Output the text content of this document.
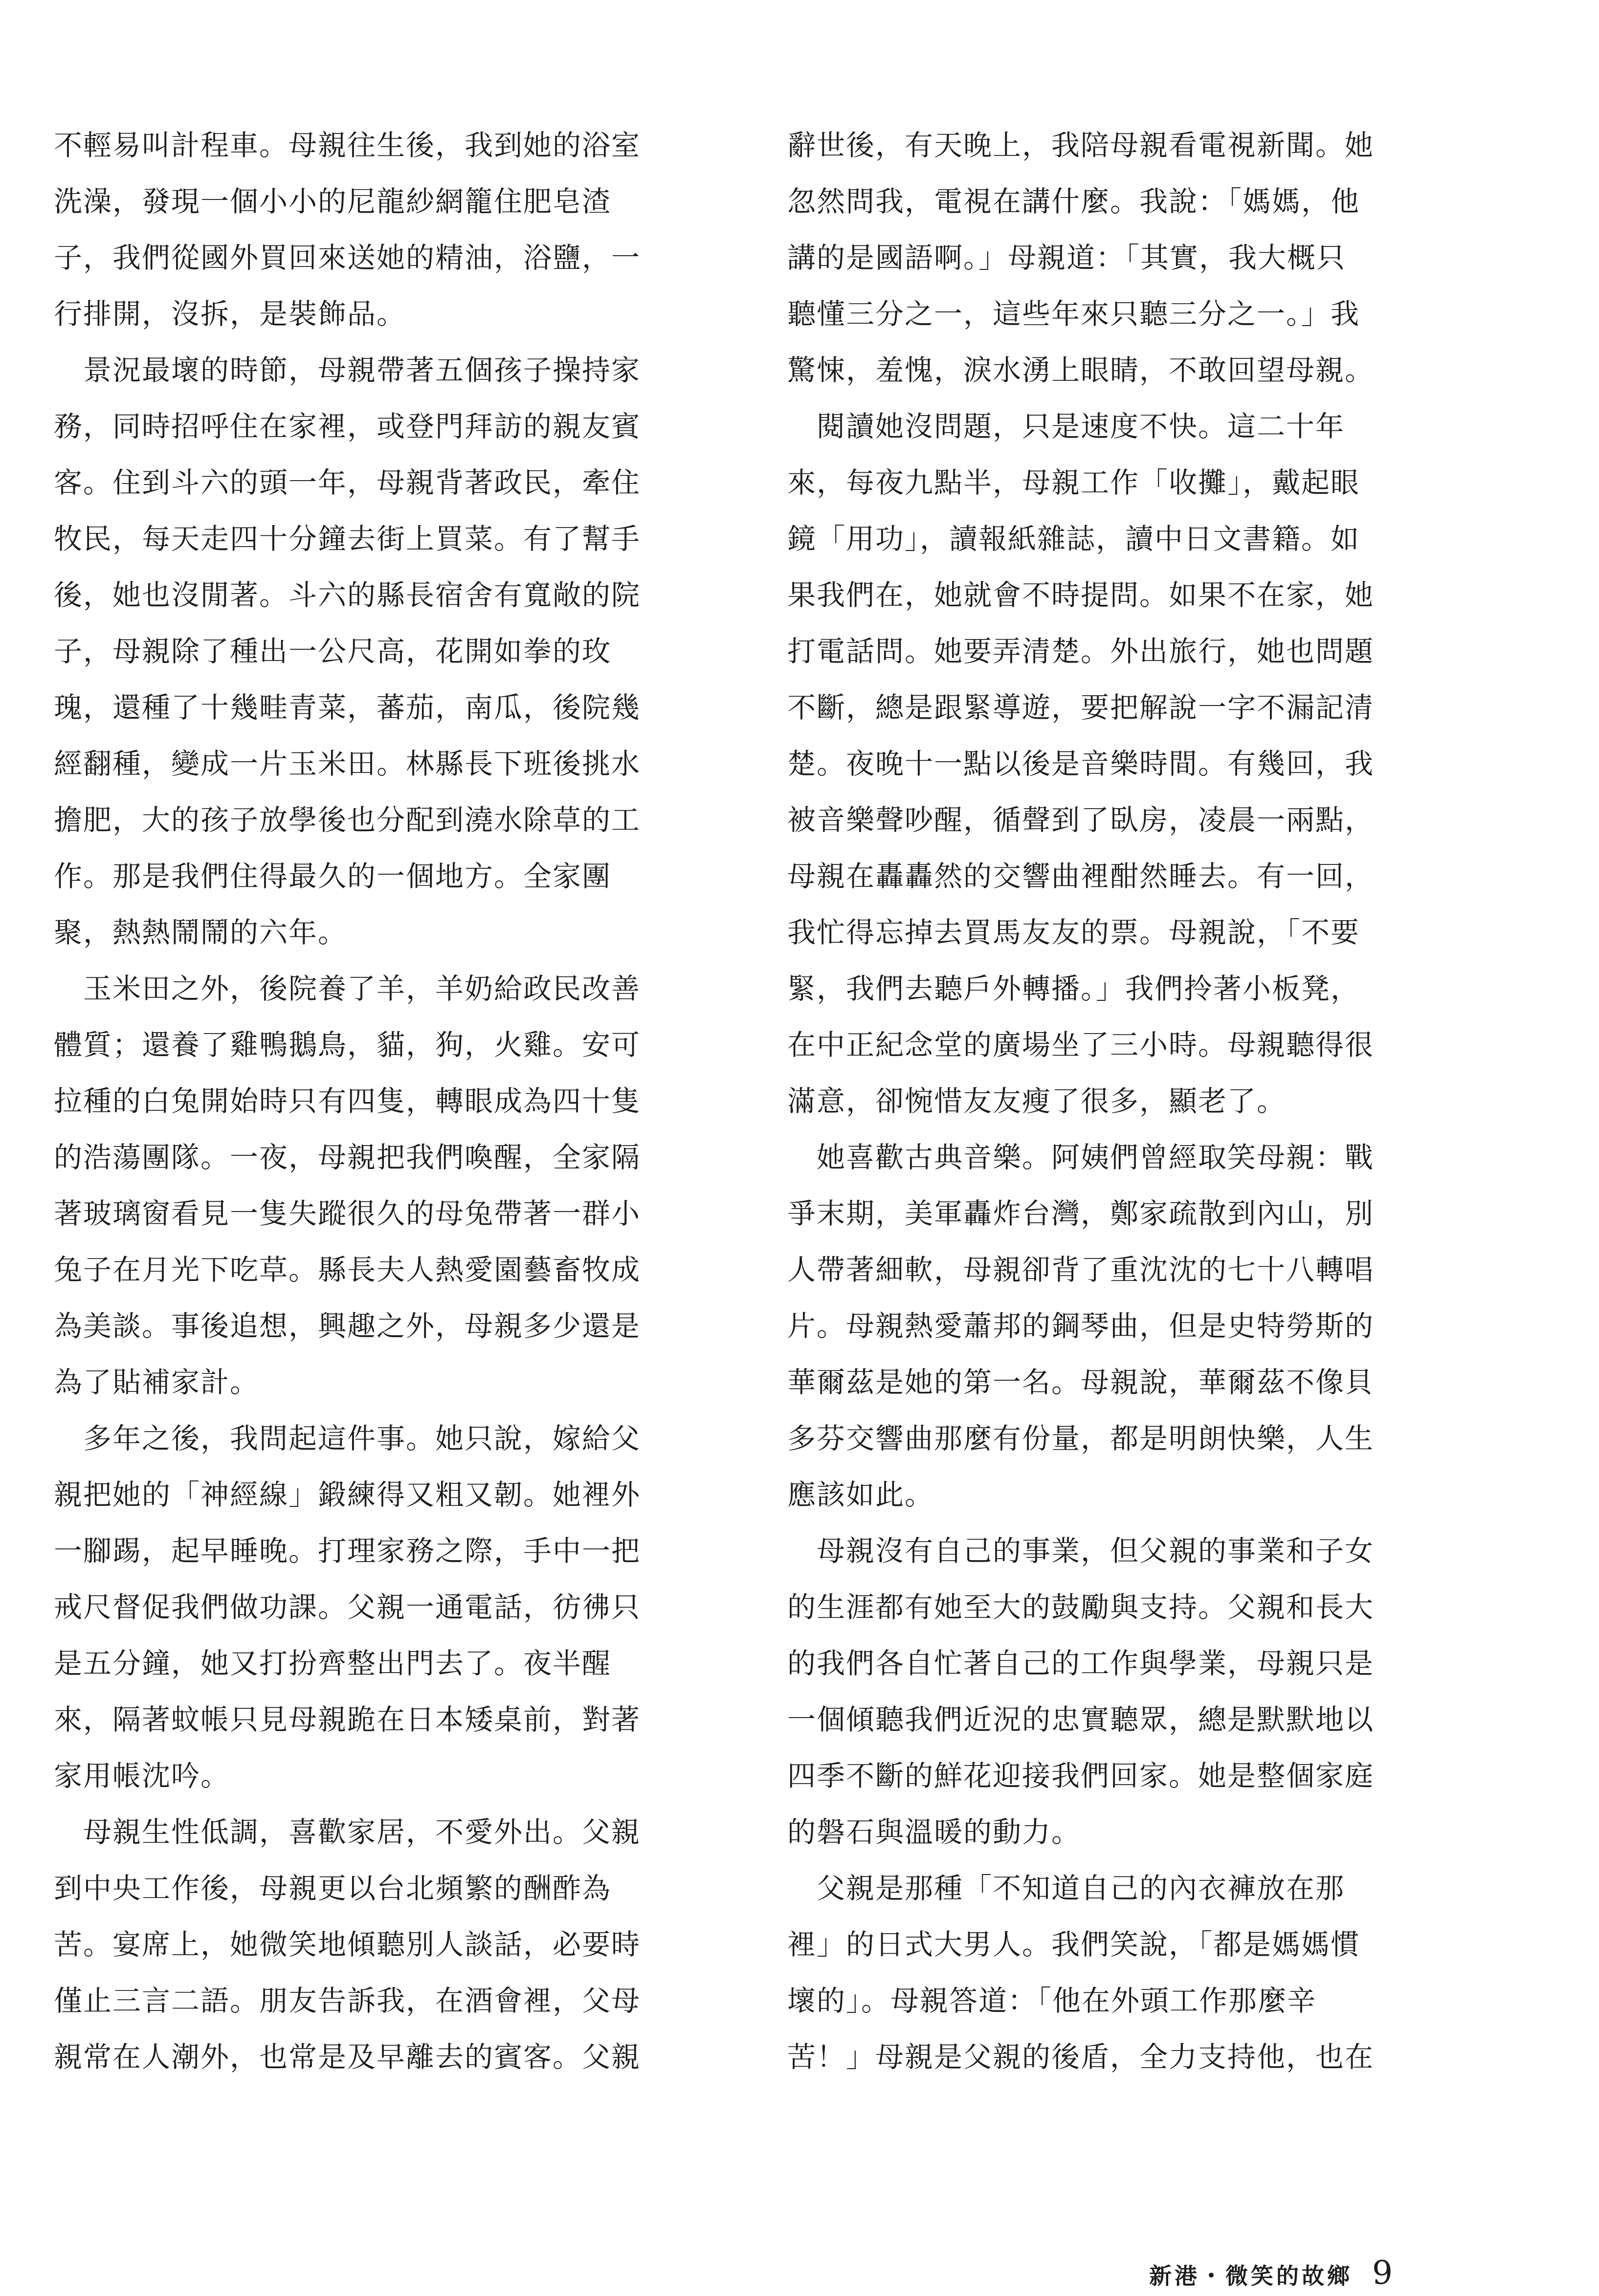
不輕易叫計程車。母親往生後，我到她的浴室
洗澡，發現一個小小的尼龍紗網籠住肥皂渣
子，我們從國外買回來送她的精油，浴鹽，一
行排開，沒拆，是裝飾品。
　景況最壞的時節，母親帶著五個孩子操持家
務，同時招呼住在家裡，或登門拜訪的親友賓
客。住到斗六的頭一年，母親背著政民，牽住
牧民，每天走四十分鐘去街上買菜。有了幫手
後，她也沒閒著。斗六的縣長宿舍有寬敞的院
子，母親除了種出一公尺高，花開如拳的玫
瑰，還種了十幾畦青菜，蕃茄，南瓜，後院幾
經翻種，變成一片玉米田。林縣長下班後挑水
擔肥，大的孩子放學後也分配到澆水除草的工
作。那是我們住得最久的一個地方。全家團
聚，熱熱鬧鬧的六年。
　玉米田之外，後院養了羊，羊奶給政民改善
體質；還養了雞鴨鵝鳥，貓，狗，火雞。安可
拉種的白兔開始時只有四隻，轉眼成為四十隻
的浩蕩團隊。一夜，母親把我們喚醒，全家隔
著玻璃窗看見一隻失蹤很久的母兔帶著一群小
兔子在月光下吃草。縣長夫人熱愛園藝畜牧成
為美談。事後追想，興趣之外，母親多少還是
為了貼補家計。
　多年之後，我問起這件事。她只說，嫁給父
親把她的「神經線」鍛練得又粗又韌。她裡外
一腳踢，起早睡晚。打理家務之際，手中一把
戒尺督促我們做功課。父親一通電話，彷彿只
是五分鐘，她又打扮齊整出門去了。夜半醒
來，隔著蚊帳只見母親跪在日本矮桌前，對著
家用帳沈吟。
　母親生性低調，喜歡家居，不愛外出。父親
到中央工作後，母親更以台北頻繁的酬酢為
苦。宴席上，她微笑地傾聽別人談話，必要時
僅止三言二語。朋友告訴我，在酒會裡，父母
親常在人潮外，也常是及早離去的賓客。父親
辭世後，有天晚上，我陪母親看電視新聞。她
忽然問我，電視在講什麼。我說：「媽媽，他
講的是國語啊。」母親道：「其實，我大概只
聽懂三分之一，這些年來只聽三分之一。」我
驚悚，羞愧，淚水湧上眼睛，不敢回望母親。
　閱讀她沒問題，只是速度不快。這二十年
來，每夜九點半，母親工作「收攤」，戴起眼
鏡「用功」，讀報紙雜誌，讀中日文書籍。如
果我們在，她就會不時提問。如果不在家，她
打電話問。她要弄清楚。外出旅行，她也問題
不斷，總是跟緊導遊，要把解說一字不漏記清
楚。夜晚十一點以後是音樂時間。有幾回，我
被音樂聲吵醒，循聲到了臥房，凌晨一兩點，
母親在轟轟然的交響曲裡酣然睡去。有一回，
我忙得忘掉去買馬友友的票。母親說，「不要
緊，我們去聽戶外轉播。」我們拎著小板凳，
在中正紀念堂的廣場坐了三小時。母親聽得很
滿意，卻惋惜友友瘦了很多，顯老了。
　她喜歡古典音樂。阿姨們曾經取笑母親：戰
爭末期，美軍轟炸台灣，鄭家疏散到內山，別
人帶著細軟，母親卻背了重沈沈的七十八轉唱
片。母親熱愛蕭邦的鋼琴曲，但是史特勞斯的
華爾茲是她的第一名。母親說，華爾茲不像貝
多芬交響曲那麼有份量，都是明朗快樂，人生
應該如此。
　母親沒有自己的事業，但父親的事業和子女
的生涯都有她至大的鼓勵與支持。父親和長大
的我們各自忙著自己的工作與學業，母親只是
一個傾聽我們近況的忠實聽眾，總是默默地以
四季不斷的鮮花迎接我們回家。她是整個家庭
的磐石與溫暖的動力。
　父親是那種「不知道自己的內衣褲放在那
裡」的日式大男人。我們笑說，「都是媽媽慣
壞的」。母親答道：「他在外頭工作那麼辛
苦！」母親是父親的後盾，全力支持他，也在
新港・微笑的故鄉 9
